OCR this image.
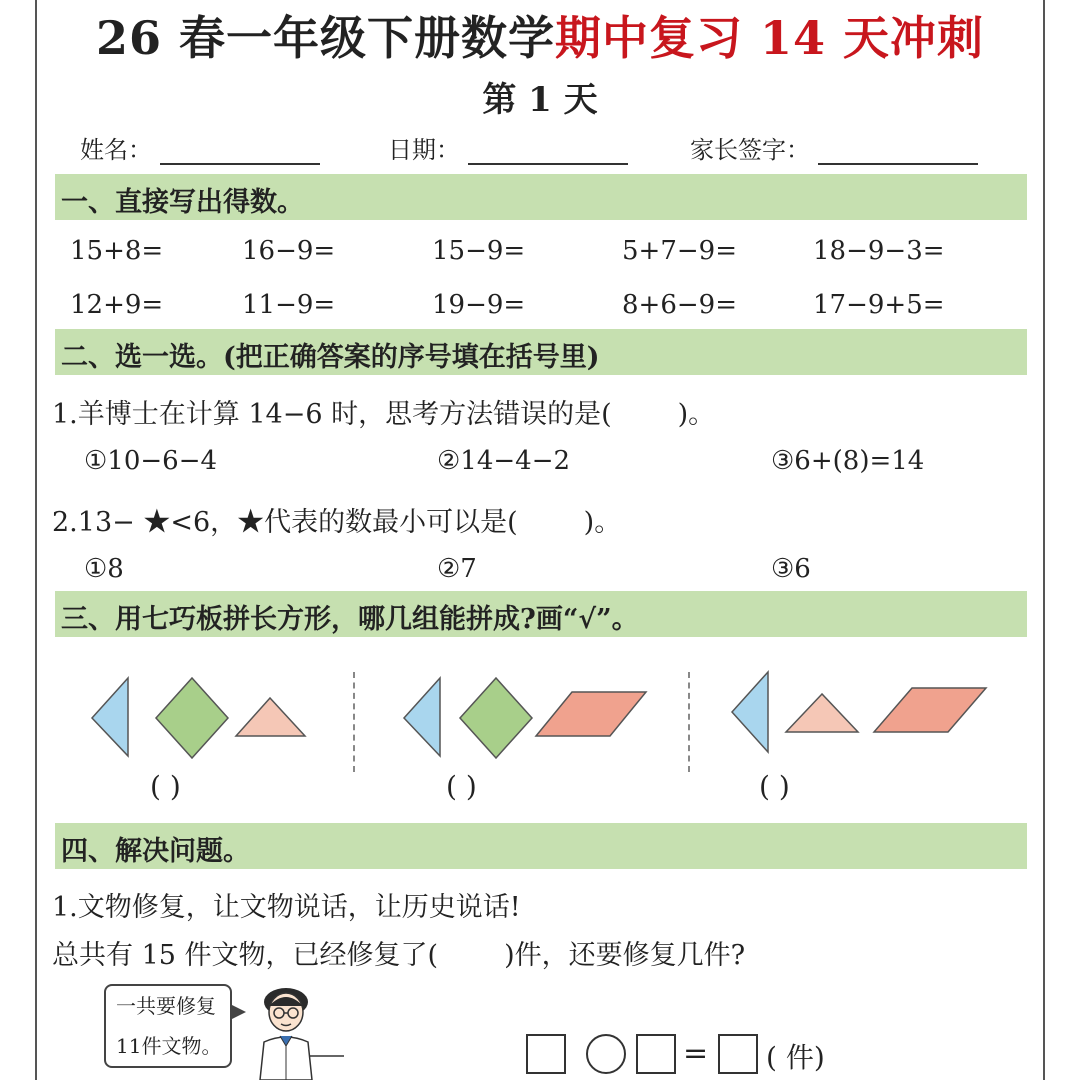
26 春一年级下册数学期中复习 14 天冲刺
第 1 天
姓名：	日期：	家长签字：
一、直接写出得数。
15+8=	16−9=	15−9=	5+7−9=	18−9−3=
12+9=	11−9=	19−9=	8+6−9=	17−9+5=
二、选一选。(把正确答案的序号填在括号里)
1.羊博士在计算 14−6 时，思考方法错误的是( )。
①10−6−4	②14−4−2	③6+(8)=14
2.13− ★<6，★代表的数最小可以是( )。
①8	②7	③6
三、用七巧板拼长方形，哪几组能拼成?画“√”。
( )	( )	( )
四、解决问题。
1.文物修复，让文物说话，让历史说话!
总共有 15 件文物，已经修复了( )件，还要修复几件?
一共要修复
11件文物。	= ( 件)
